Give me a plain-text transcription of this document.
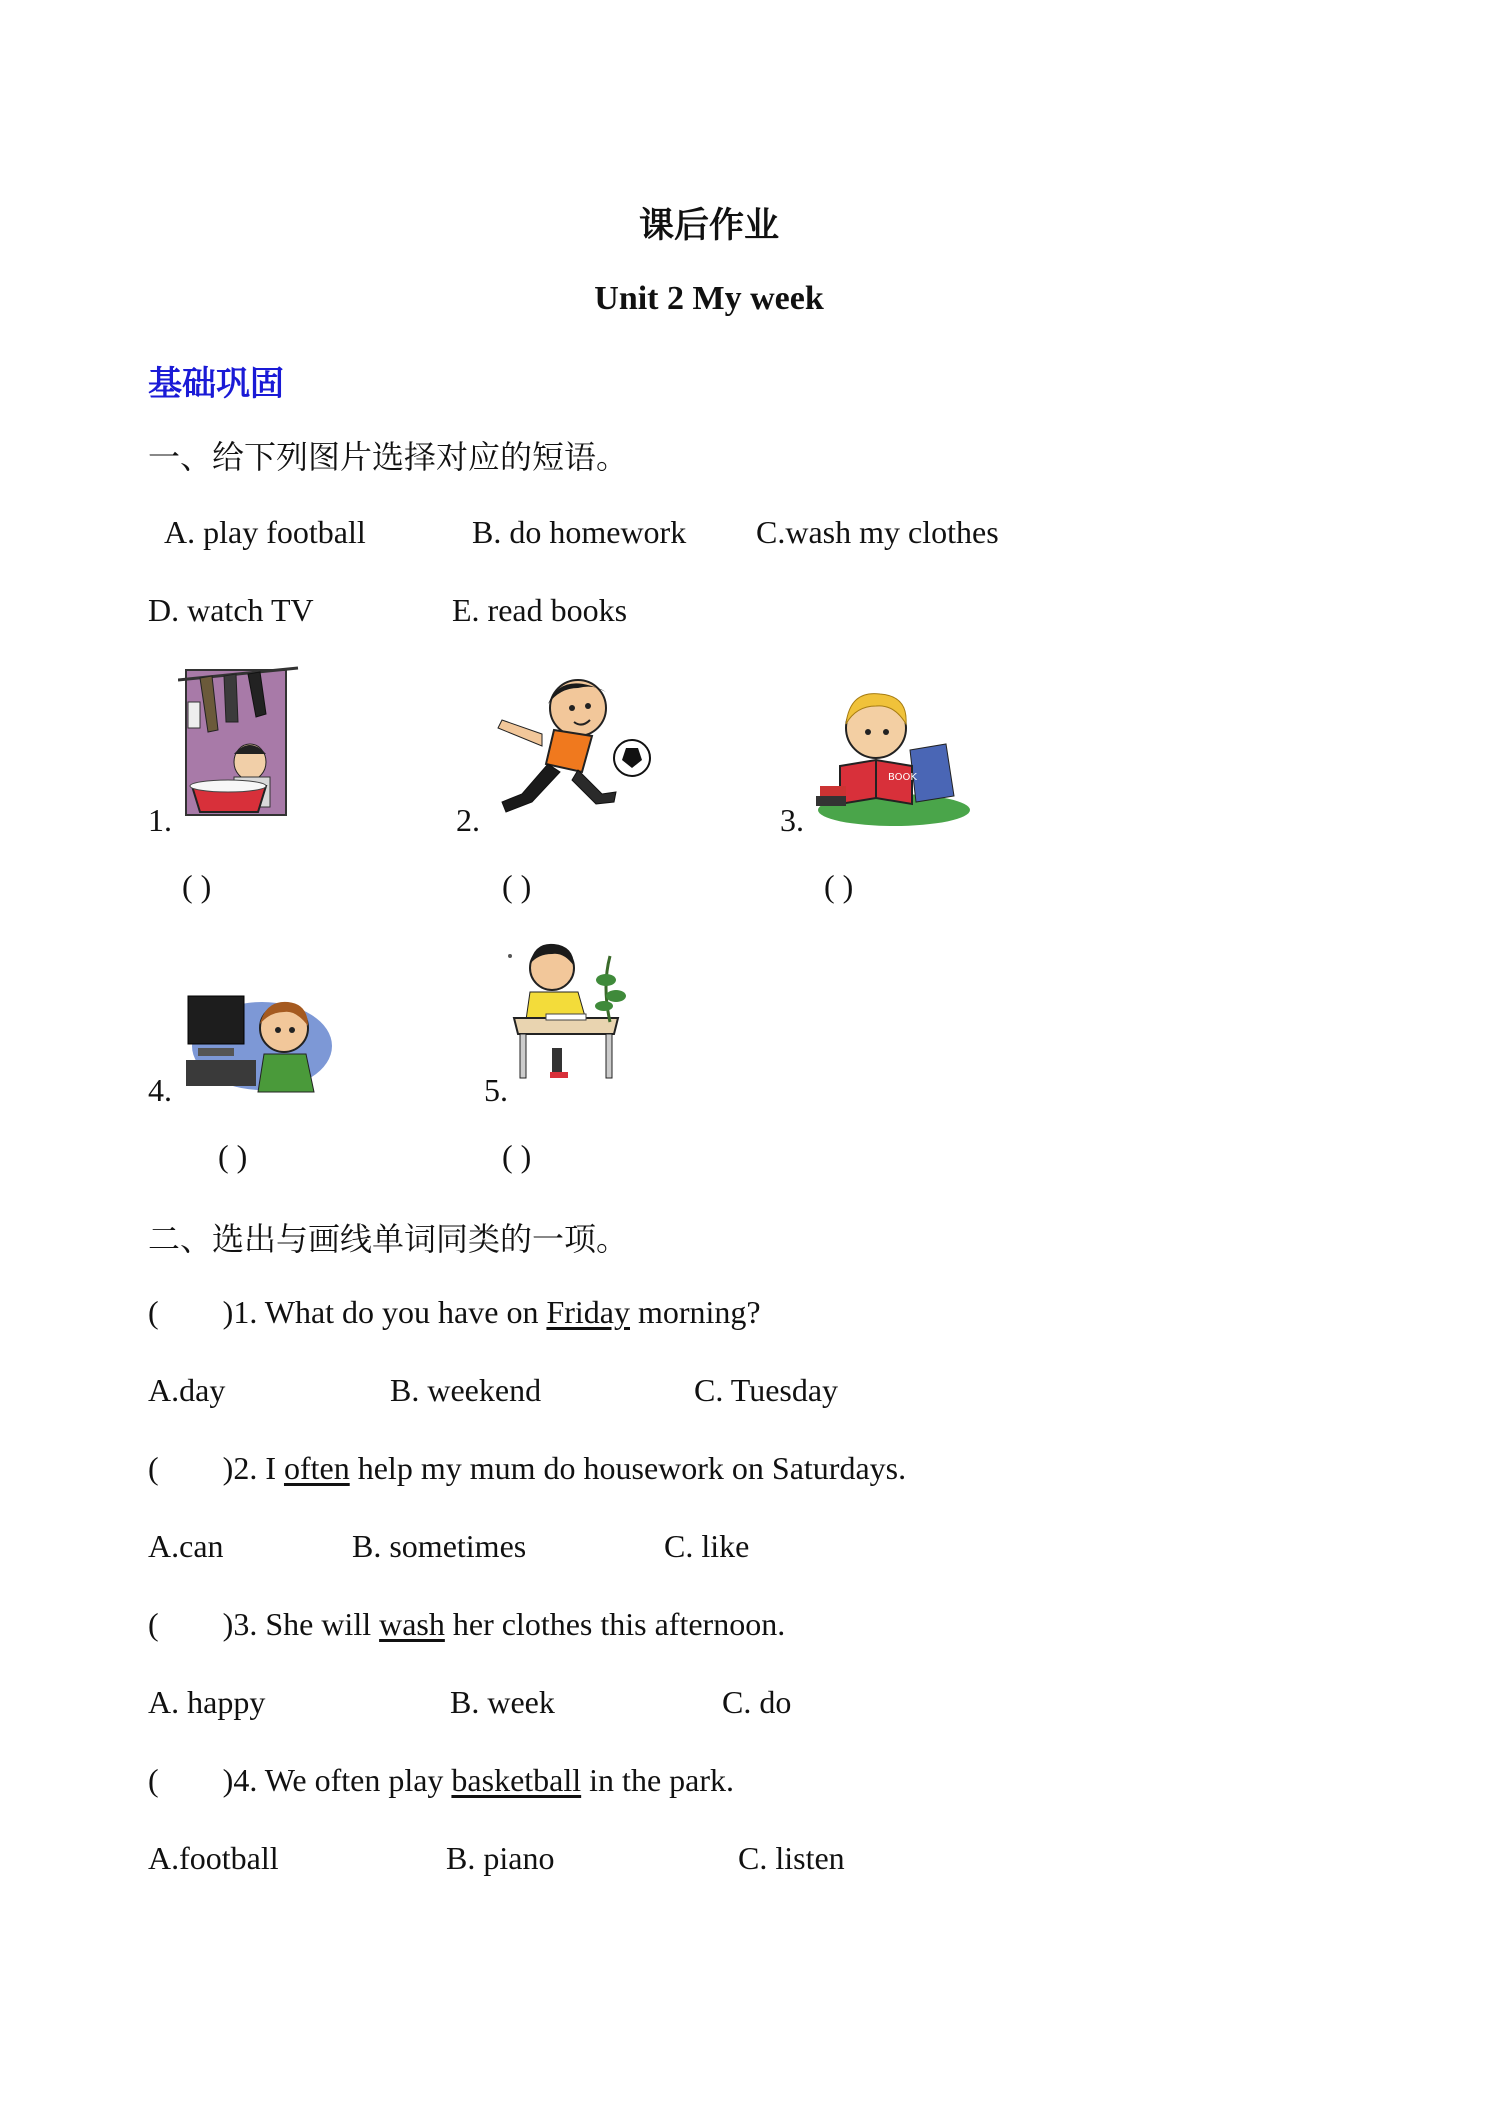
课后作业
Unit 2 My week
基础巩固
一、给下列图片选择对应的短语。
A. play football	B. do homework C.wash my clothes
D. watch TV	E. read books
1.
( )
2.
( )
BOOK
3.
( )
4.
( )
5.
( )
二、选出与画线单词同类的一项。
( )1. What do you have on Friday morning?
A.day	B. weekend	C. Tuesday
( )2. I often help my mum do housework on Saturdays.
A.can	B. sometimes	C. like
( )3. She will wash her clothes this afternoon.
A. happy	B. week	C. do
( )4. We often play basketball in the park.
A.football	B. piano	C. listen
